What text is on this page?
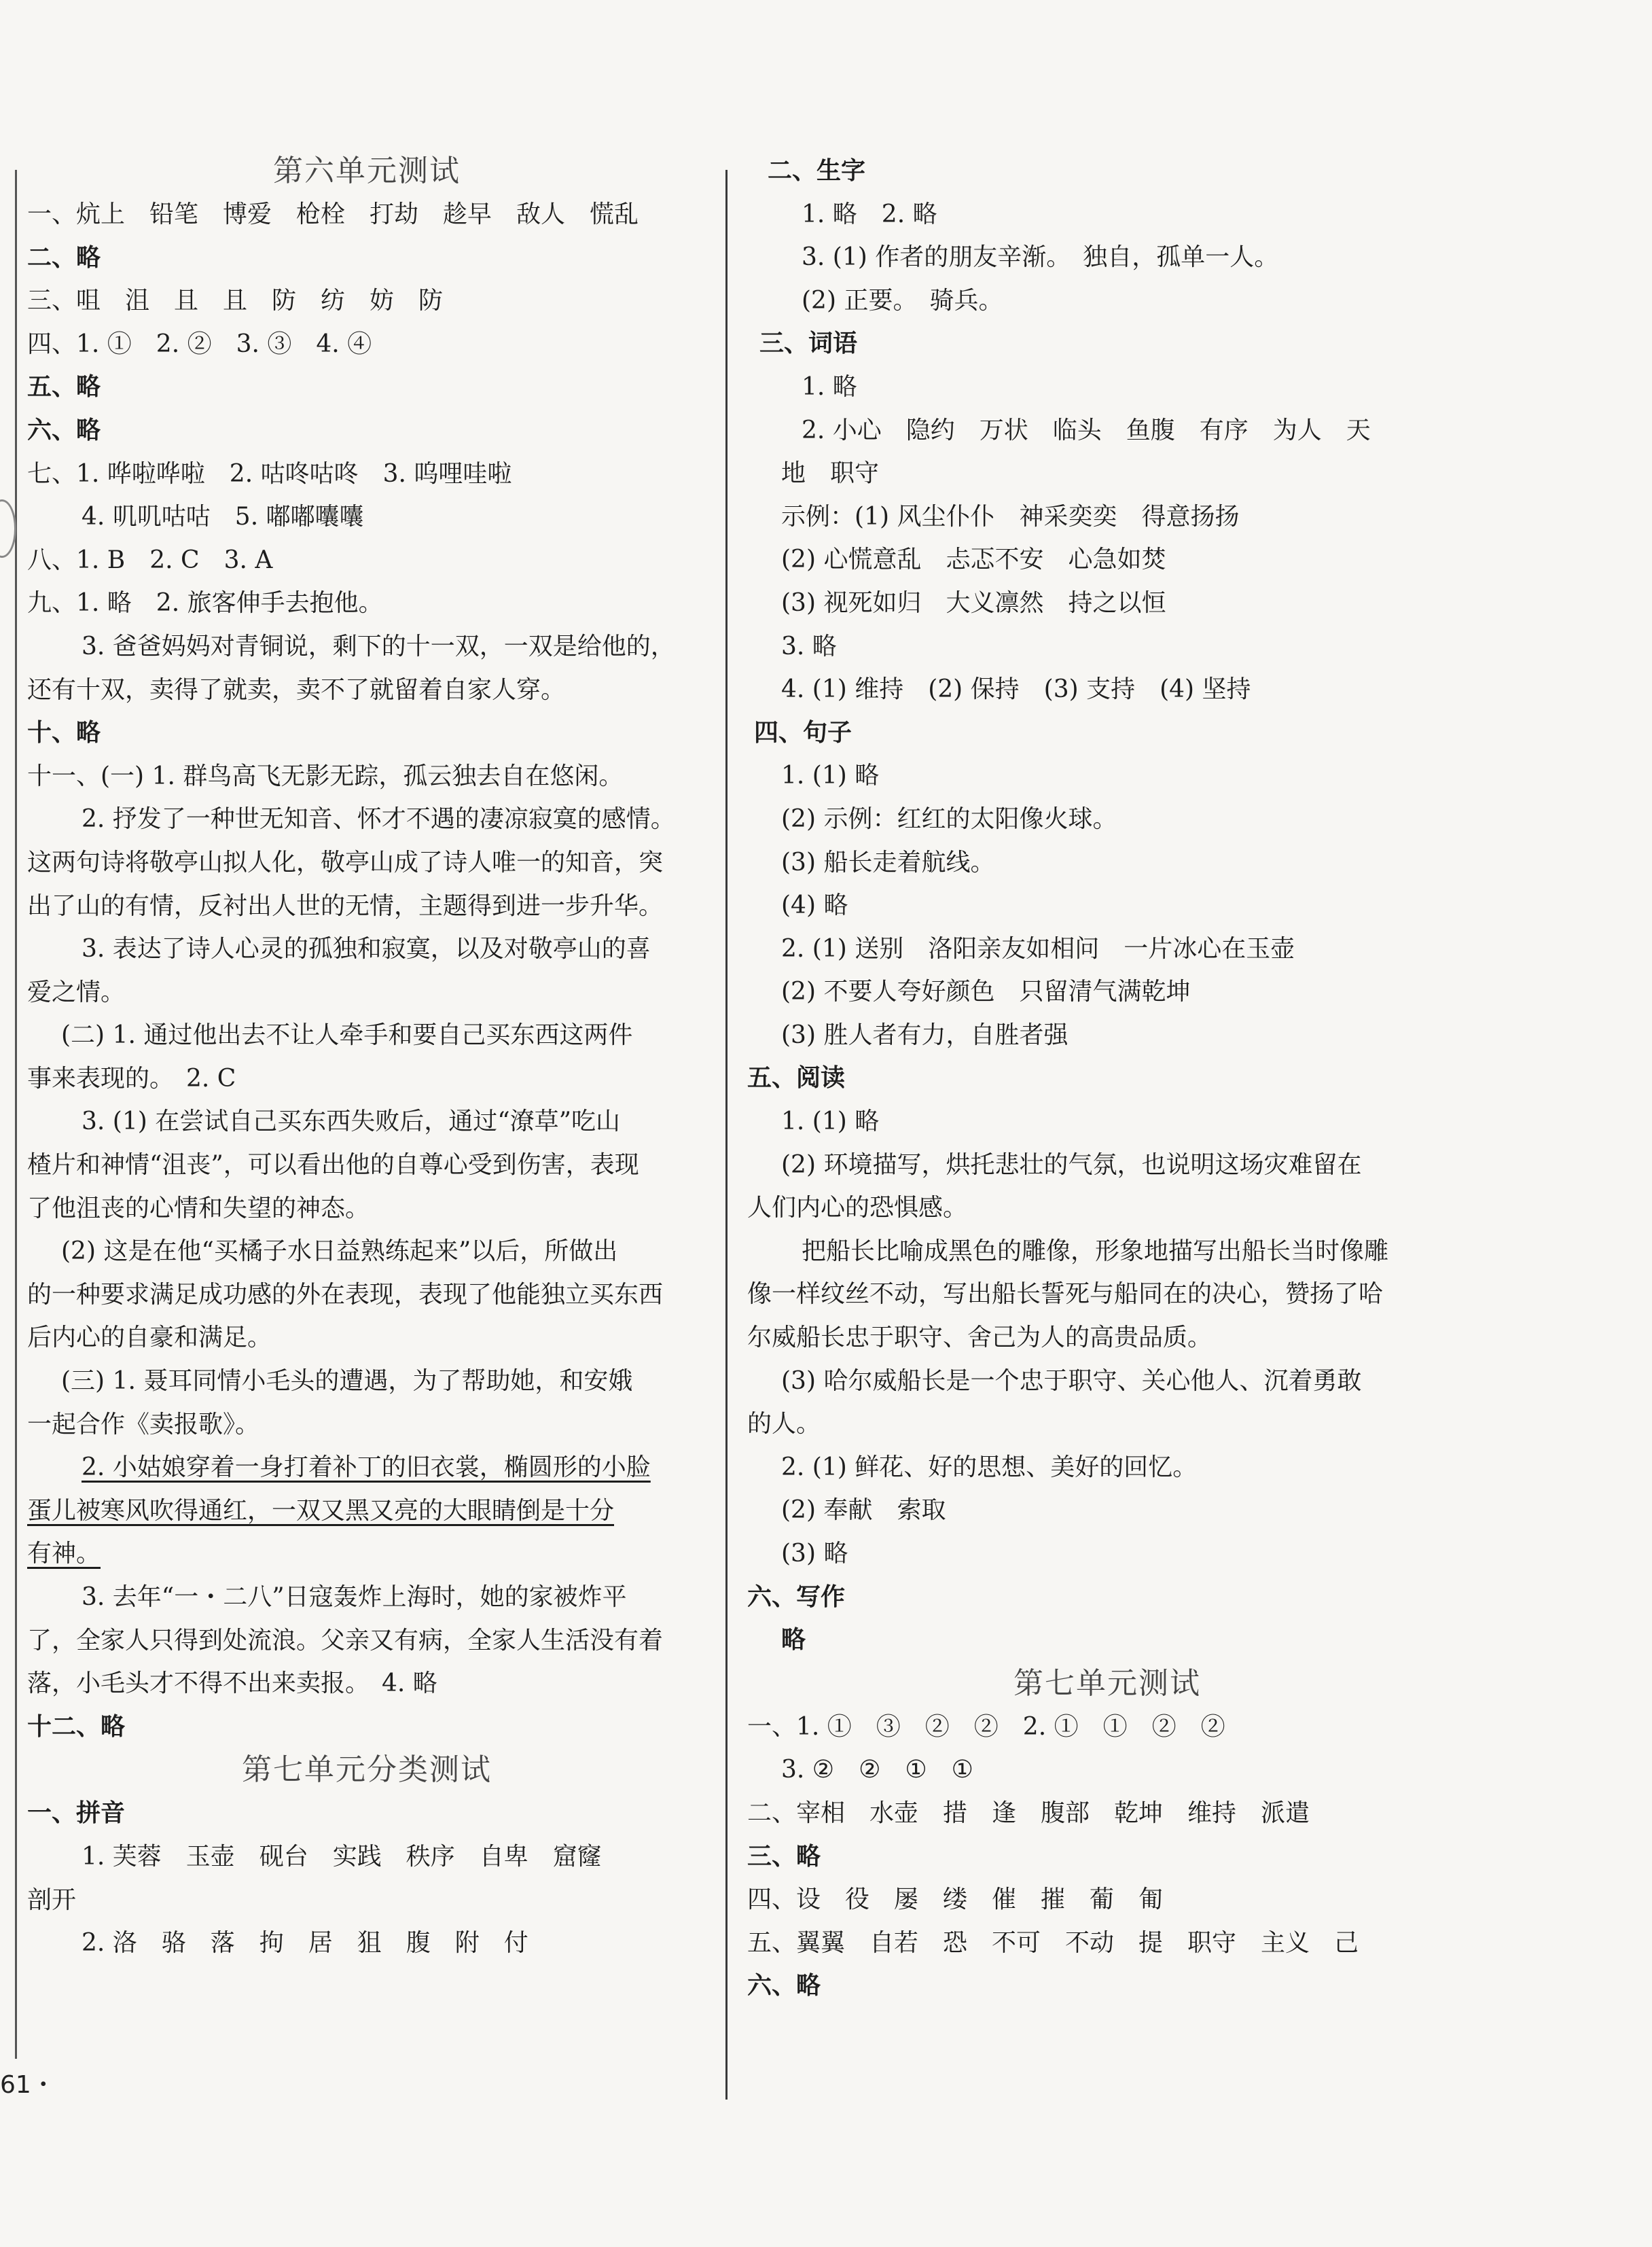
第六单元测试
一、炕上　铅笔　博爱　枪栓　打劫　趁早　敌人　慌乱
二、略
三、咀　沮　且　且　防　纺　妨　防
四、1. ①　2. ②　3. ③　4. ④
五、略
六、略
七、1. 哗啦哗啦　2. 咕咚咕咚　3. 呜哩哇啦
4. 叽叽咕咕　5. 嘟嘟囔囔
八、1. B　2. C　3. A
九、1. 略　2. 旅客伸手去抱他。
3. 爸爸妈妈对青铜说，剩下的十一双，一双是给他的，
还有十双，卖得了就卖，卖不了就留着自家人穿。
十、略
十一、(一) 1. 群鸟高飞无影无踪，孤云独去自在悠闲。
2. 抒发了一种世无知音、怀才不遇的凄凉寂寞的感情。
这两句诗将敬亭山拟人化，敬亭山成了诗人唯一的知音，突
出了山的有情，反衬出人世的无情，主题得到进一步升华。
3. 表达了诗人心灵的孤独和寂寞，以及对敬亭山的喜
爱之情。
(二) 1. 通过他出去不让人牵手和要自己买东西这两件
事来表现的。　2. C
3. (1) 在尝试自己买东西失败后，通过“潦草”吃山
楂片和神情“沮丧”，可以看出他的自尊心受到伤害，表现
了他沮丧的心情和失望的神态。
(2) 这是在他“买橘子水日益熟练起来”以后，所做出
的一种要求满足成功感的外在表现，表现了他能独立买东西
后内心的自豪和满足。
(三) 1. 聂耳同情小毛头的遭遇，为了帮助她，和安娥
一起合作《卖报歌》。
2. 小姑娘穿着一身打着补丁的旧衣裳，椭圆形的小脸
蛋儿被寒风吹得通红，一双又黑又亮的大眼睛倒是十分
有神。
3. 去年“一・二八”日寇轰炸上海时，她的家被炸平
了，全家人只得到处流浪。父亲又有病，全家人生活没有着
落，小毛头才不得不出来卖报。　4. 略
十二、略
第七单元分类测试
一、拼音
1. 芙蓉　玉壶　砚台　实践　秩序　自卑　窟窿
剖开
2. 洛　骆　落　拘　居　狙　腹　附　付
二、生字
1. 略　2. 略
3. (1) 作者的朋友辛渐。　独自，孤单一人。
(2) 正要。　骑兵。
三、词语
1. 略
2. 小心　隐约　万状　临头　鱼腹　有序　为人　天
地　职守
示例：(1) 风尘仆仆　神采奕奕　得意扬扬
(2) 心慌意乱　忐忑不安　心急如焚
(3) 视死如归　大义凛然　持之以恒
3. 略
4. (1) 维持　(2) 保持　(3) 支持　(4) 坚持
四、句子
1. (1) 略
(2) 示例：红红的太阳像火球。
(3) 船长走着航线。
(4) 略
2. (1) 送别　洛阳亲友如相问　一片冰心在玉壶
(2) 不要人夸好颜色　只留清气满乾坤
(3) 胜人者有力，自胜者强
五、阅读
1. (1) 略
(2) 环境描写，烘托悲壮的气氛，也说明这场灾难留在
人们内心的恐惧感。
把船长比喻成黑色的雕像，形象地描写出船长当时像雕
像一样纹丝不动，写出船长誓死与船同在的决心，赞扬了哈
尔威船长忠于职守、舍己为人的高贵品质。
(3) 哈尔威船长是一个忠于职守、关心他人、沉着勇敢
的人。
2. (1) 鲜花、好的思想、美好的回忆。
(2) 奉献　索取
(3) 略
六、写作
略
第七单元测试
一、1. ①　③　②　②　2. ①　①　②　②
3. ②　②　①　①
二、宰相　水壶　措　逢　腹部　乾坤　维持　派遣
三、略
四、设　役　屡　缕　催　摧　葡　匍
五、翼翼　自若　恐　不可　不动　提　职守　主义　己
六、略
61・
